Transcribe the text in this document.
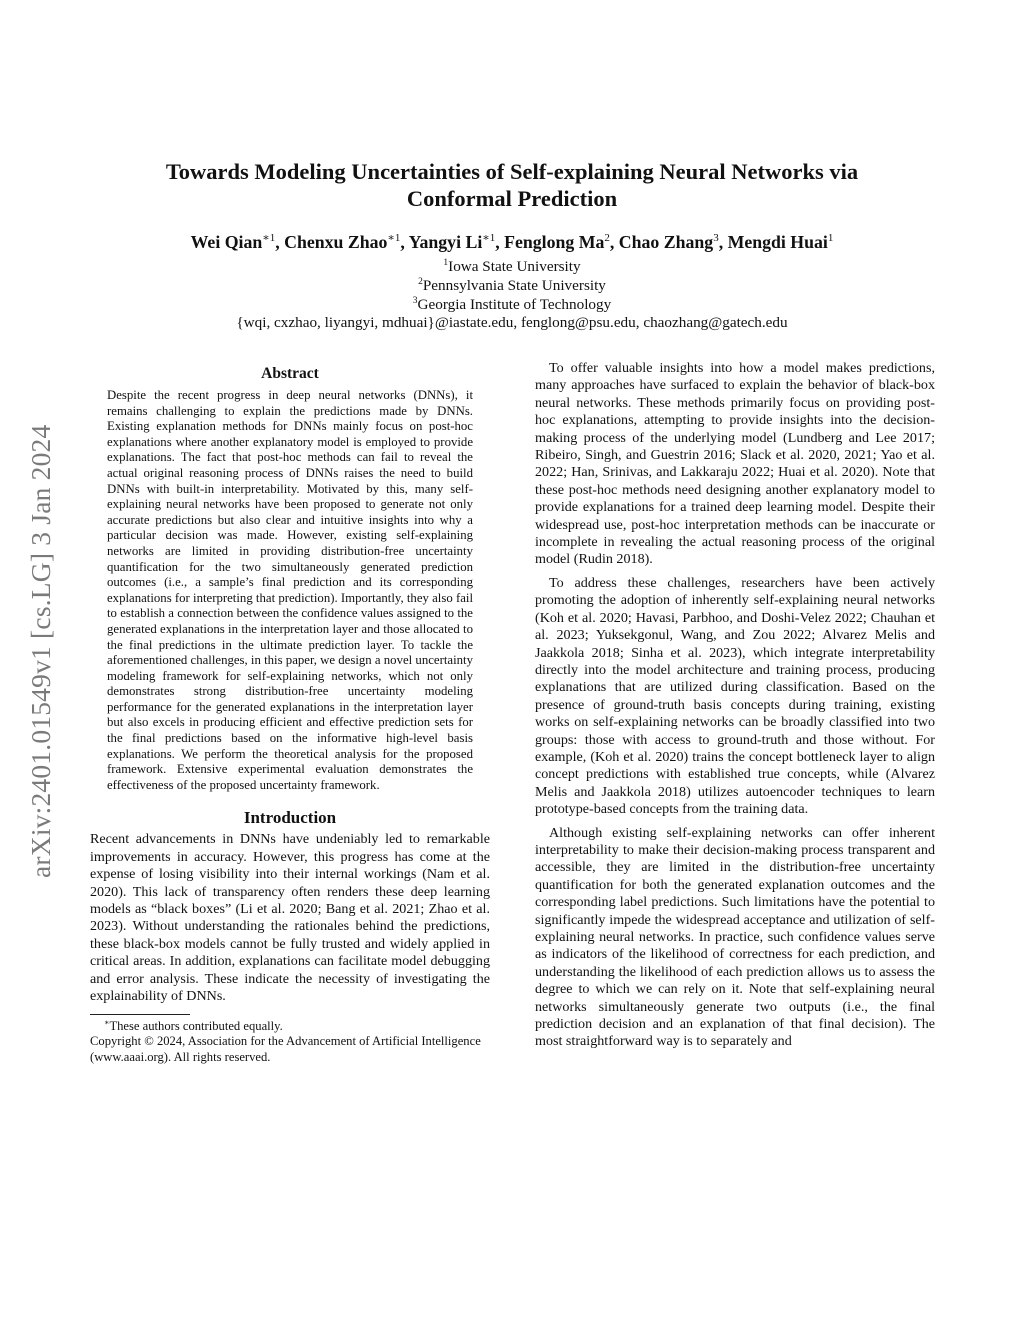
arXiv:2401.01549v1 [cs.LG] 3 Jan 2024
Towards Modeling Uncertainties of Self-explaining Neural Networks via
Conformal Prediction
Wei Qian$^{∗1}$, Chenxu Zhao$^{∗1}$, Yangyi $Li^{∗1}$, Fenglong Ma$^2$, Chao Zhang$^3$, Mengdi Huai$^1$
$^1$Iowa State University
$^2$Pennsylvania State University
$^3$Georgia Institute of Technology
{wqi, cxzhao, liyangyi, mdhuai}@iastate.edu, fenglong@psu.edu, chaozhang@gatech.edu
Abstract

Despite the recent progress in deep neural networks (DNNs), it remains challenging to explain the predictions made by DNNs. Existing explanation methods for DNNs mainly focus on post-hoc explanations where another explanatory model is employed to provide explanations. The fact that post-hoc methods can fail to reveal the actual original reasoning process of DNNs raises the need to build DNNs with built-in interpretability. Motivated by this, many self-explaining neural networks have been proposed to generate not only accurate predictions but also clear and intuitive insights into why a particular decision was made. However, existing self-explaining networks are limited in providing distribution-free uncertainty quantification for the two simultaneously generated prediction outcomes (i.e., a sample’s final prediction and its corresponding explanations for interpreting that prediction). Importantly, they also fail to establish a connection between the confidence values assigned to the generated explanations in the interpretation layer and those allocated to the final predictions in the ultimate prediction layer. To tackle the aforementioned challenges, in this paper, we design a novel uncertainty modeling framework for self-explaining networks, which not only demonstrates strong distribution-free uncertainty modeling performance for the generated explanations in the interpretation layer but also excels in producing efficient and effective prediction sets for the final predictions based on the informative high-level basis explanations. We perform the theoretical analysis for the proposed framework. Extensive experimental evaluation demonstrates the effectiveness of the proposed uncertainty framework.

Introduction

Recent advancements in DNNs have undeniably led to remarkable improvements in accuracy. However, this progress has come at the expense of losing visibility into their internal workings (Nam et al. 2020). This lack of transparency often renders these deep learning models as “black boxes” (Li et al. 2020; Bang et al. 2021; Zhao et al. 2023). Without understanding the rationales behind the predictions, these black-box models cannot be fully trusted and widely applied in critical areas. In addition, explanations can facilitate model debugging and error analysis. These indicate the necessity of investigating the explainability of DNNs.

∗These authors contributed equally.

Copyright © 2024, Association for the Advancement of Artificial Intelligence (www.aaai.org). All rights reserved.

To offer valuable insights into how a model makes predictions, many approaches have surfaced to explain the behavior of black-box neural networks. These methods primarily focus on providing post-hoc explanations, attempting to provide insights into the decision-making process of the underlying model (Lundberg and Lee 2017; Ribeiro, Singh, and Guestrin 2016; Slack et al. 2020, 2021; Yao et al. 2022; Han, Srinivas, and Lakkaraju 2022; Huai et al. 2020). Note that these post-hoc methods need designing another explanatory model to provide explanations for a trained deep learning model. Despite their widespread use, post-hoc interpretation methods can be inaccurate or incomplete in revealing the actual reasoning process of the original model (Rudin 2018).

To address these challenges, researchers have been actively promoting the adoption of inherently self-explaining neural networks (Koh et al. 2020; Havasi, Parbhoo, and Doshi-Velez 2022; Chauhan et al. 2023; Yuksekgonul, Wang, and Zou 2022; Alvarez Melis and Jaakkola 2018; Sinha et al. 2023), which integrate interpretability directly into the model architecture and training process, producing explanations that are utilized during classification. Based on the presence of ground-truth basis concepts during training, existing works on self-explaining networks can be broadly classified into two groups: those with access to ground-truth and those without. For example, (Koh et al. 2020) trains the concept bottleneck layer to align concept predictions with established true concepts, while (Alvarez Melis and Jaakkola 2018) utilizes autoencoder techniques to learn prototype-based concepts from the training data.

Although existing self-explaining networks can offer inherent interpretability to make their decision-making process transparent and accessible, they are limited in the distribution-free uncertainty quantification for both the generated explanation outcomes and the corresponding label predictions. Such limitations have the potential to significantly impede the widespread acceptance and utilization of self-explaining neural networks. In practice, such confidence values serve as indicators of the likelihood of correctness for each prediction, and understanding the likelihood of each prediction allows us to assess the degree to which we can rely on it. Note that self-explaining neural networks simultaneously generate two outputs (i.e., the final prediction decision and an explanation of that final decision). The most straightforward way is to separately and
